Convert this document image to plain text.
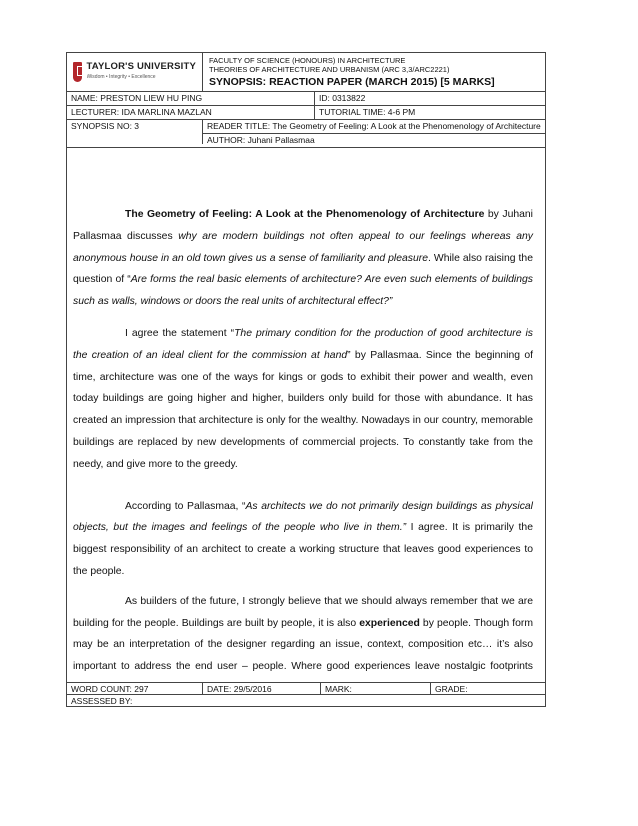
TAYLOR'S UNIVERSITY
Wisdom • Integrity • Excellence
FACULTY OF SCIENCE (HONOURS) IN ARCHITECTURE
THEORIES OF ARCHITECTURE AND URBANISM (ARC 3,3/ARC2221)
SYNOPSIS: REACTION PAPER (MARCH 2015) [5 MARKS]
NAME: PRESTON LIEW HU PING	ID: 0313822
LECTURER: IDA MARLINA MAZLAN	TUTORIAL TIME: 4-6 PM
SYNOPSIS NO: 3	READER TITLE: The Geometry of Feeling: A Look at the Phenomenology of Architecture
AUTHOR: Juhani Pallasmaa

The Geometry of Feeling: A Look at the Phenomenology of Architecture by Juhani Pallasmaa discusses why are modern buildings not often appeal to our feelings whereas any anonymous house in an old town gives us a sense of familiarity and pleasure. While also raising the question of “Are forms the real basic elements of architecture? Are even such elements of buildings such as walls, windows or doors the real units of architectural effect?”

I agree the statement “The primary condition for the production of good architecture is the creation of an ideal client for the commission at hand” by Pallasmaa. Since the beginning of time, architecture was one of the ways for kings or gods to exhibit their power and wealth, even today buildings are going higher and higher, builders only build for those with abundance. It has created an impression that architecture is only for the wealthy. Nowadays in our country, memorable buildings are replaced by new developments of commercial projects. To constantly take from the needy, and give more to the greedy.

According to Pallasmaa, “As architects we do not primarily design buildings as physical objects, but the images and feelings of the people who live in them.” I agree. It is primarily the biggest responsibility of an architect to create a working structure that leaves good experiences to the people.

As builders of the future, I strongly believe that we should always remember that we are building for the people. Buildings are built by people, it is also experienced by people. Though form may be an interpretation of the designer regarding an issue, context, composition etc… it’s also important to address the end user – people. Where good experiences leave nostalgic footprints

WORD COUNT: 297	DATE: 29/5/2016	MARK:	GRADE:
ASSESSED BY:
